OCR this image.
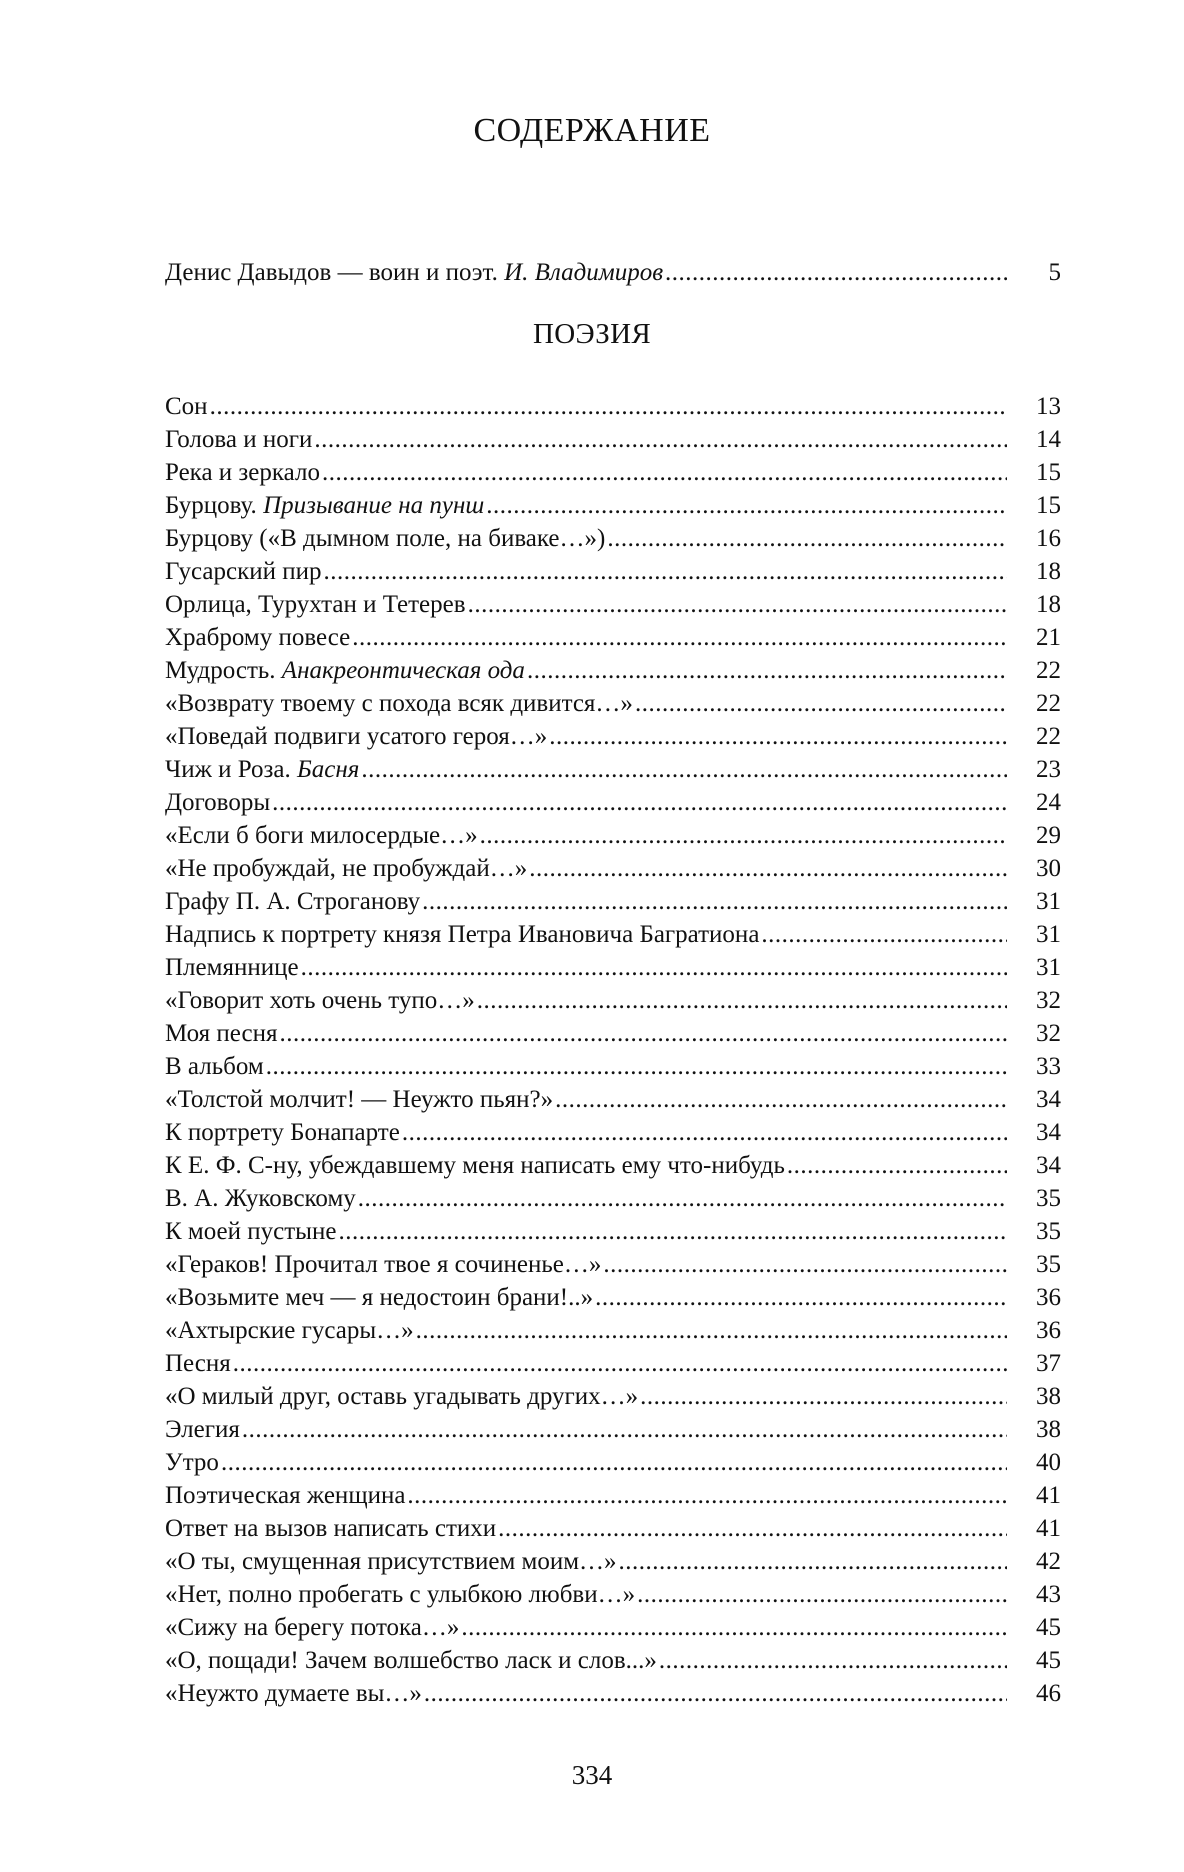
СОДЕРЖАНИЕ
Денис Давыдов — воин и поэт. И. Владимиров .....	5
ПОЭЗИЯ
Сон .....	13
Голова и ноги .....	14
Река и зеркало .....	15
Бурцову. Призывание на пунш .....	15
Бурцову («В дымном поле, на биваке…») .....	16
Гусарский пир .....	18
Орлица, Турухтан и Тетерев .....	18
Храброму повесе .....	21
Мудрость. Анакреонтическая ода .....	22
«Возврату твоему с похода всяк дивится…» .....	22
«Поведай подвиги усатого героя…» .....	22
Чиж и Роза. Басня .....	23
Договоры .....	24
«Если б боги милосердые…» .....	29
«Не пробуждай, не пробуждай…» .....	30
Графу П. А. Строганову .....	31
Надпись к портрету князя Петра Ивановича Багратиона .....	31
Племяннице .....	31
«Говорит хоть очень тупо…» .....	32
Моя песня .....	32
В альбом .....	33
«Толстой молчит! — Неужто пьян?» .....	34
К портрету Бонапарте .....	34
К Е. Ф. С-ну, убеждавшему меня написать ему что-нибудь .....	34
В. А. Жуковскому .....	35
К моей пустыне .....	35
«Гераков! Прочитал твое я сочиненье…» .....	35
«Возьмите меч — я недостоин брани!..» .....	36
«Ахтырские гусары…» .....	36
Песня .....	37
«О милый друг, оставь угадывать других…» .....	38
Элегия .....	38
Утро .....	40
Поэтическая женщина .....	41
Ответ на вызов написать стихи .....	41
«О ты, смущенная присутствием моим…» .....	42
«Нет, полно пробегать с улыбкою любви…» .....	43
«Сижу на берегу потока…» .....	45
«О, пощади! Зачем волшебство ласк и слов...» .....	45
«Неужто думаете вы…» .....	46
334
